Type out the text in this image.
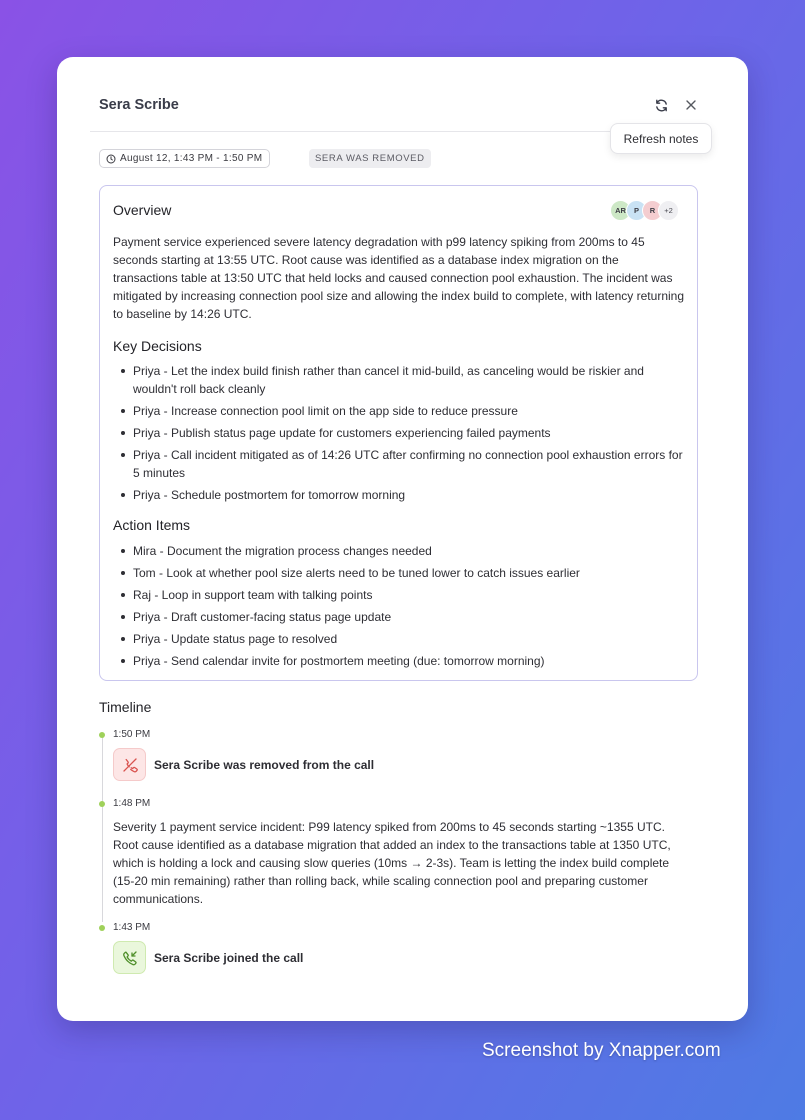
Sera Scribe
Refresh notes
August 12, 1:43 PM - 1:50 PM	SERA WAS REMOVED
Overview	AR	P	R	+2

Payment service experienced severe latency degradation with p99 latency spiking from 200ms to 45 seconds starting at 13:55 UTC. Root cause was identified as a database index migration on the transactions table at 13:50 UTC that held locks and caused connection pool exhaustion. The incident was mitigated by increasing connection pool size and allowing the index build to complete, with latency returning to baseline by 14:26 UTC.

Key Decisions
Priya - Let the index build finish rather than cancel it mid-build, as canceling would be riskier and wouldn't roll back cleanly
Priya - Increase connection pool limit on the app side to reduce pressure
Priya - Publish status page update for customers experiencing failed payments
Priya - Call incident mitigated as of 14:26 UTC after confirming no connection pool exhaustion errors for 5 minutes
Priya - Schedule postmortem for tomorrow morning
Action Items
Mira - Document the migration process changes needed
Tom - Look at whether pool size alerts need to be tuned lower to catch issues earlier
Raj - Loop in support team with talking points
Priya - Draft customer-facing status page update
Priya - Update status page to resolved
Priya - Send calendar invite for postmortem meeting (due: tomorrow morning)
Timeline
1:50 PM
Sera Scribe was removed from the call
1:48 PM

Severity 1 payment service incident: P99 latency spiked from 200ms to 45 seconds starting ~1355 UTC. Root cause identified as a database migration that added an index to the transactions table at 1350 UTC, which is holding a lock and causing slow queries (10ms → 2-3s). Team is letting the index build complete (15-20 min remaining) rather than rolling back, while scaling connection pool and preparing customer communications.

1:43 PM
Sera Scribe joined the call
Screenshot by Xnapper.com
